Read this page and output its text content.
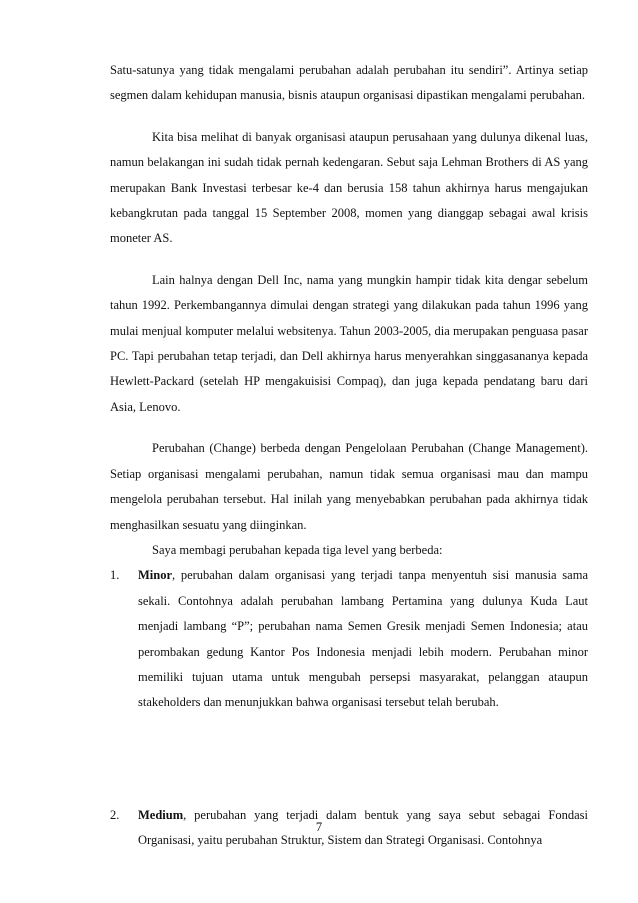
Satu-satunya yang tidak mengalami perubahan adalah perubahan itu sendiri”. Artinya setiap segmen dalam kehidupan manusia, bisnis ataupun organisasi dipastikan mengalami perubahan.

Kita bisa melihat di banyak organisasi ataupun perusahaan yang dulunya dikenal luas, namun belakangan ini sudah tidak pernah kedengaran. Sebut saja Lehman Brothers di AS yang merupakan Bank Investasi terbesar ke-4 dan berusia 158 tahun akhirnya harus mengajukan kebangkrutan pada tanggal 15 September 2008, momen yang dianggap sebagai awal krisis moneter AS.

Lain halnya dengan Dell Inc, nama yang mungkin hampir tidak kita dengar sebelum tahun 1992. Perkembangannya dimulai dengan strategi yang dilakukan pada tahun 1996 yang mulai menjual komputer melalui websitenya. Tahun 2003-2005, dia merupakan penguasa pasar PC. Tapi perubahan tetap terjadi, dan Dell akhirnya harus menyerahkan singgasananya kepada Hewlett-Packard (setelah HP mengakuisisi Compaq), dan juga kepada pendatang baru dari Asia, Lenovo.

Perubahan (Change) berbeda dengan Pengelolaan Perubahan (Change Management). Setiap organisasi mengalami perubahan, namun tidak semua organisasi mau dan mampu mengelola perubahan tersebut. Hal inilah yang menyebabkan perubahan pada akhirnya tidak menghasilkan sesuatu yang diinginkan.

Saya membagi perubahan kepada tiga level yang berbeda:

1. Minor, perubahan dalam organisasi yang terjadi tanpa menyentuh sisi manusia sama sekali. Contohnya adalah perubahan lambang Pertamina yang dulunya Kuda Laut menjadi lambang “P”; perubahan nama Semen Gresik menjadi Semen Indonesia; atau perombakan gedung Kantor Pos Indonesia menjadi lebih modern. Perubahan minor memiliki tujuan utama untuk mengubah persepsi masyarakat, pelanggan ataupun stakeholders dan menunjukkan bahwa organisasi tersebut telah berubah.
2. Medium, perubahan yang terjadi dalam bentuk yang saya sebut sebagai Fondasi Organisasi, yaitu perubahan Struktur, Sistem dan Strategi Organisasi. Contohnya
7
